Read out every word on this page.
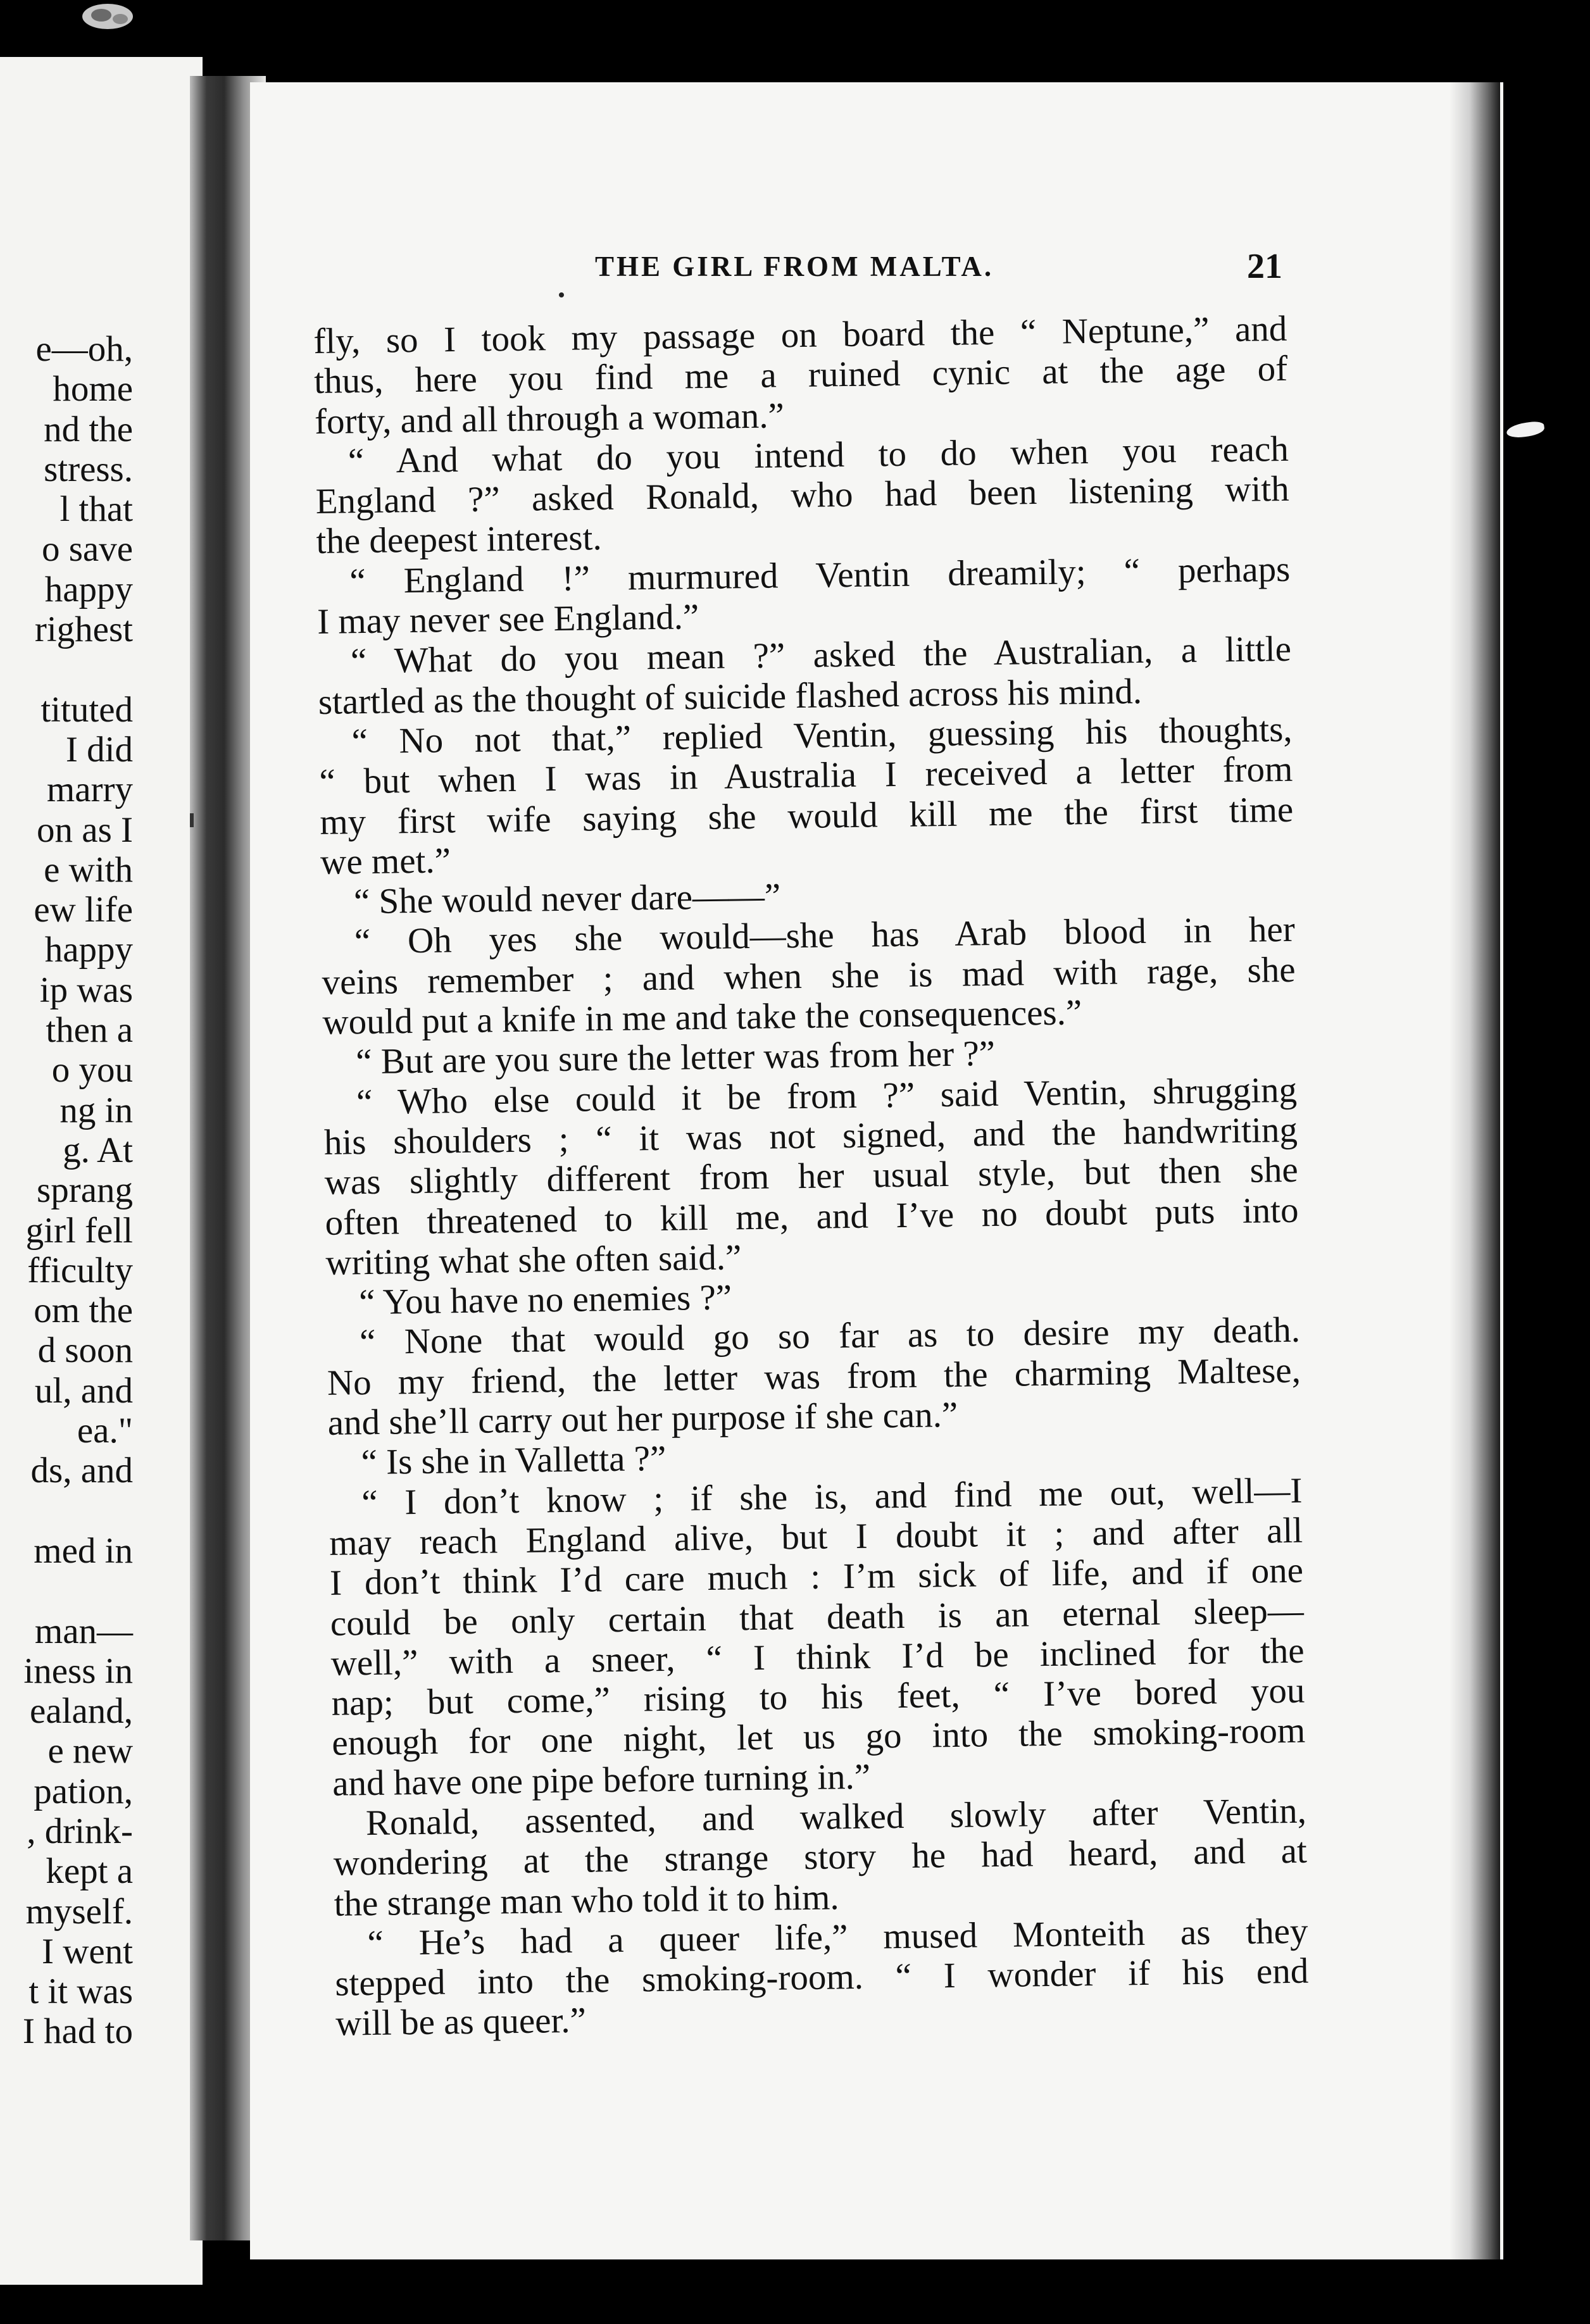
e—oh,
home
nd the
stress.
l that
o save
happy
righest

tituted
I did
marry
on as I
e with
ew life
happy
ip was
then a
o you
ng in
g. At
sprang
girl fell
fficulty
om the
d soon
ul, and
ea."
ds, and

med in

man—
iness in
ealand,
e new
pation,
, drink-
kept a
myself.
I went
t it was
I had to
THE GIRL FROM MALTA.	21
fly, so I took my passage on board the “ Neptune,” and
thus, here you find me a ruined cynic at the age of
forty, and all through a woman.”
“ And what do you intend to do when you reach
England ?” asked Ronald, who had been listening with
the deepest interest.
“ England !” murmured Ventin dreamily; “ perhaps
I may never see England.”
“ What do you mean ?” asked the Australian, a little
startled as the thought of suicide flashed across his mind.
“ No not that,” replied Ventin, guessing his thoughts,
“ but when I was in Australia I received a letter from
my first wife saying she would kill me the first time
we met.”
“ She would never dare——”
“ Oh yes she would—she has Arab blood in her
veins remember ; and when she is mad with rage, she
would put a knife in me and take the consequences.”
“ But are you sure the letter was from her ?”
“ Who else could it be from ?” said Ventin, shrugging
his shoulders ; “ it was not signed, and the handwriting
was slightly different from her usual style, but then she
often threatened to kill me, and I’ve no doubt puts into
writing what she often said.”
“ You have no enemies ?”
“ None that would go so far as to desire my death.
No my friend, the letter was from the charming Maltese,
and she’ll carry out her purpose if she can.”
“ Is she in Valletta ?”
“ I don’t know ; if she is, and find me out, well—I
may reach England alive, but I doubt it ; and after all
I don’t think I’d care much : I’m sick of life, and if one
could be only certain that death is an eternal sleep—
well,” with a sneer, “ I think I’d be inclined for the
nap; but come,” rising to his feet, “ I’ve bored you
enough for one night, let us go into the smoking-room
and have one pipe before turning in.”
Ronald, assented, and walked slowly after Ventin,
wondering at the strange story he had heard, and at
the strange man who told it to him.
“ He’s had a queer life,” mused Monteith as they
stepped into the smoking-room. “ I wonder if his end
will be as queer.”
